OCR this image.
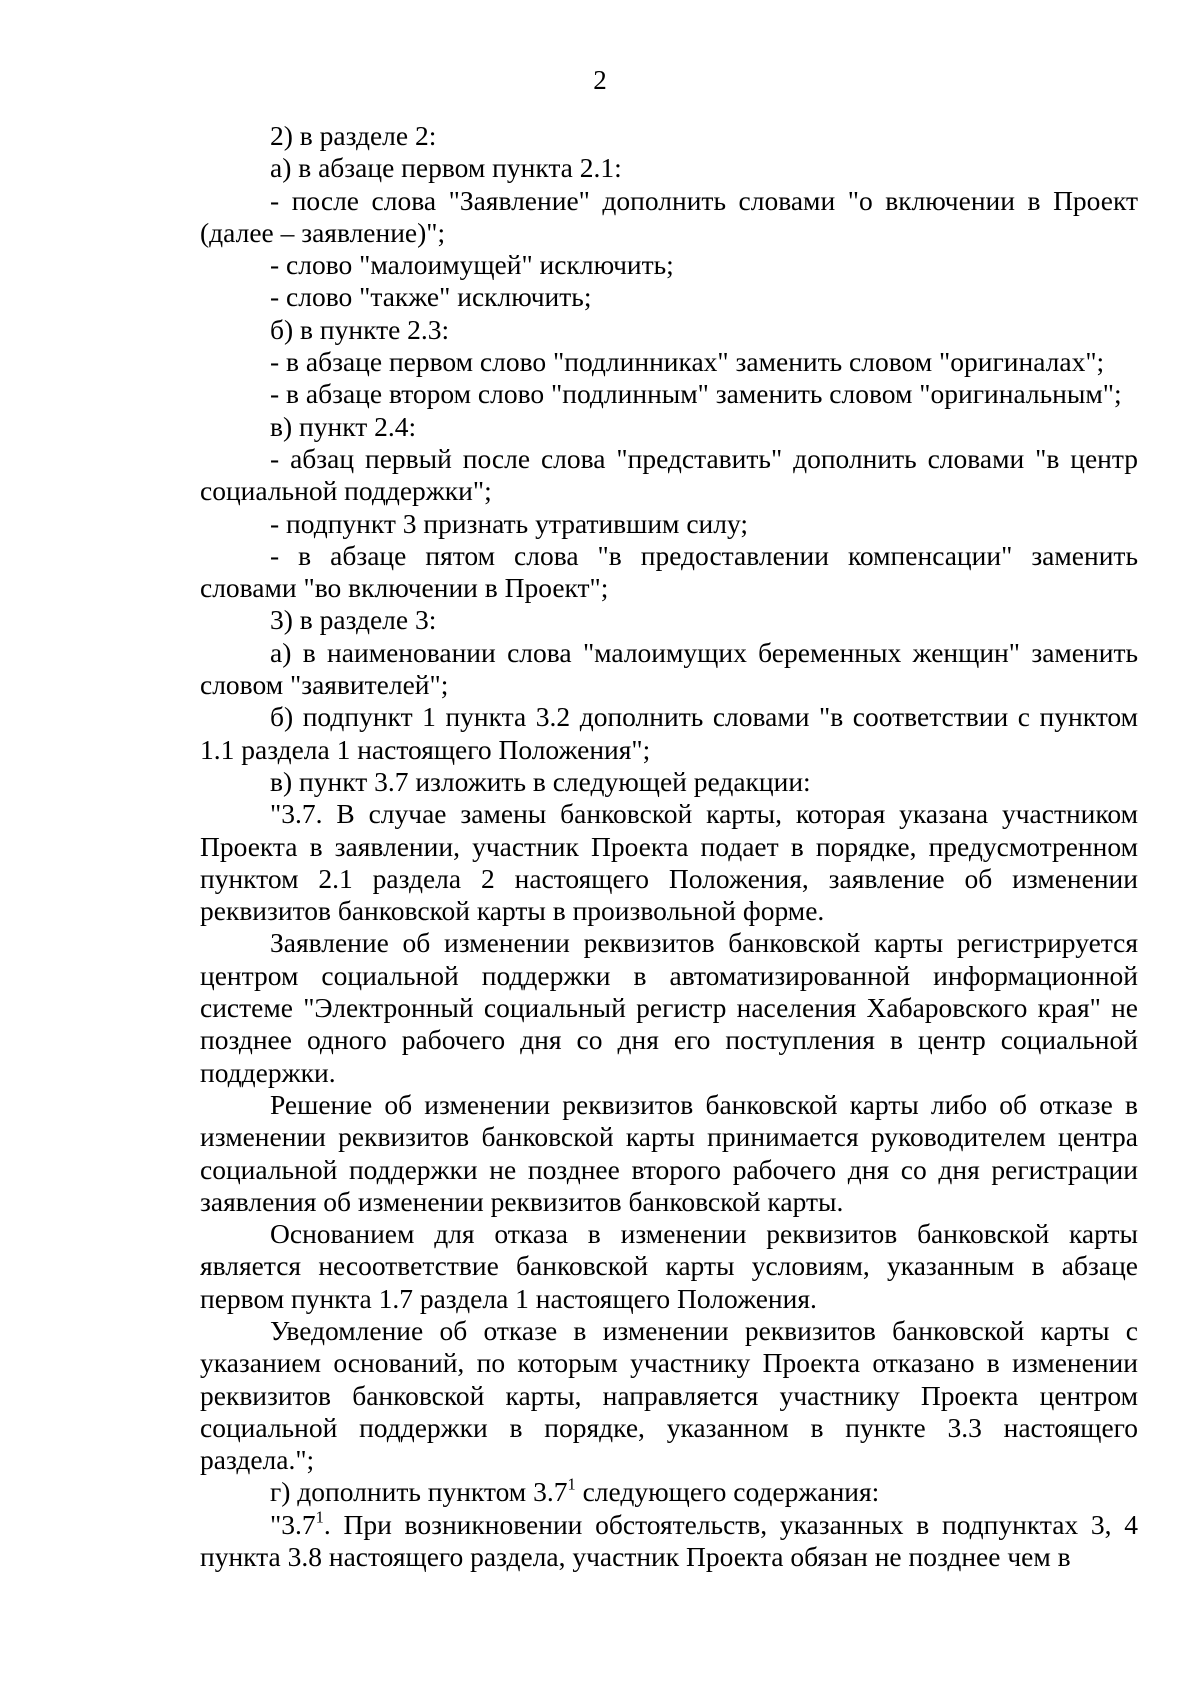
2

2) в разделе 2:

а) в абзаце первом пункта 2.1:

- после слова "Заявление" дополнить словами "о включении в Проект (далее – заявление)";

- слово "малоимущей" исключить;

- слово "также" исключить;

б) в пункте 2.3:

- в абзаце первом слово "подлинниках" заменить словом "оригиналах";

- в абзаце втором слово "подлинным" заменить словом "оригинальным";

в) пункт 2.4:

- абзац первый после слова "представить" дополнить словами "в центр социальной поддержки";

- подпункт 3 признать утратившим силу;

- в абзаце пятом слова "в предоставлении компенсации" заменить словами "во включении в Проект";

3) в разделе 3:

а) в наименовании слова "малоимущих беременных женщин" заменить словом "заявителей";

б) подпункт 1 пункта 3.2 дополнить словами "в соответствии с пунктом 1.1 раздела 1 настоящего Положения";

в) пункт 3.7 изложить в следующей редакции:

"3.7. В случае замены банковской карты, которая указана участником Проекта в заявлении, участник Проекта подает в порядке, предусмотренном пунктом 2.1 раздела 2 настоящего Положения, заявление об изменении реквизитов банковской карты в произвольной форме.

Заявление об изменении реквизитов банковской карты регистрируется центром социальной поддержки в автоматизированной информационной системе "Электронный социальный регистр населения Хабаровского края" не позднее одного рабочего дня со дня его поступления в центр социальной поддержки.

Решение об изменении реквизитов банковской карты либо об отказе в изменении реквизитов банковской карты принимается руководителем центра социальной поддержки не позднее второго рабочего дня со дня регистрации заявления об изменении реквизитов банковской карты.

Основанием для отказа в изменении реквизитов банковской карты является несоответствие банковской карты условиям, указанным в абзаце первом пункта 1.7 раздела 1 настоящего Положения.

Уведомление об отказе в изменении реквизитов банковской карты с указанием оснований, по которым участнику Проекта отказано в изменении реквизитов банковской карты, направляется участнику Проекта центром социальной поддержки в порядке, указанном в пункте 3.3 настоящего раздела.";

г) дополнить пунктом $3.7^1$ следующего содержания:

"$3.7^1$. При возникновении обстоятельств, указанных в подпунктах 3, 4 пункта 3.8 настоящего раздела, участник Проекта обязан не позднее чем в
